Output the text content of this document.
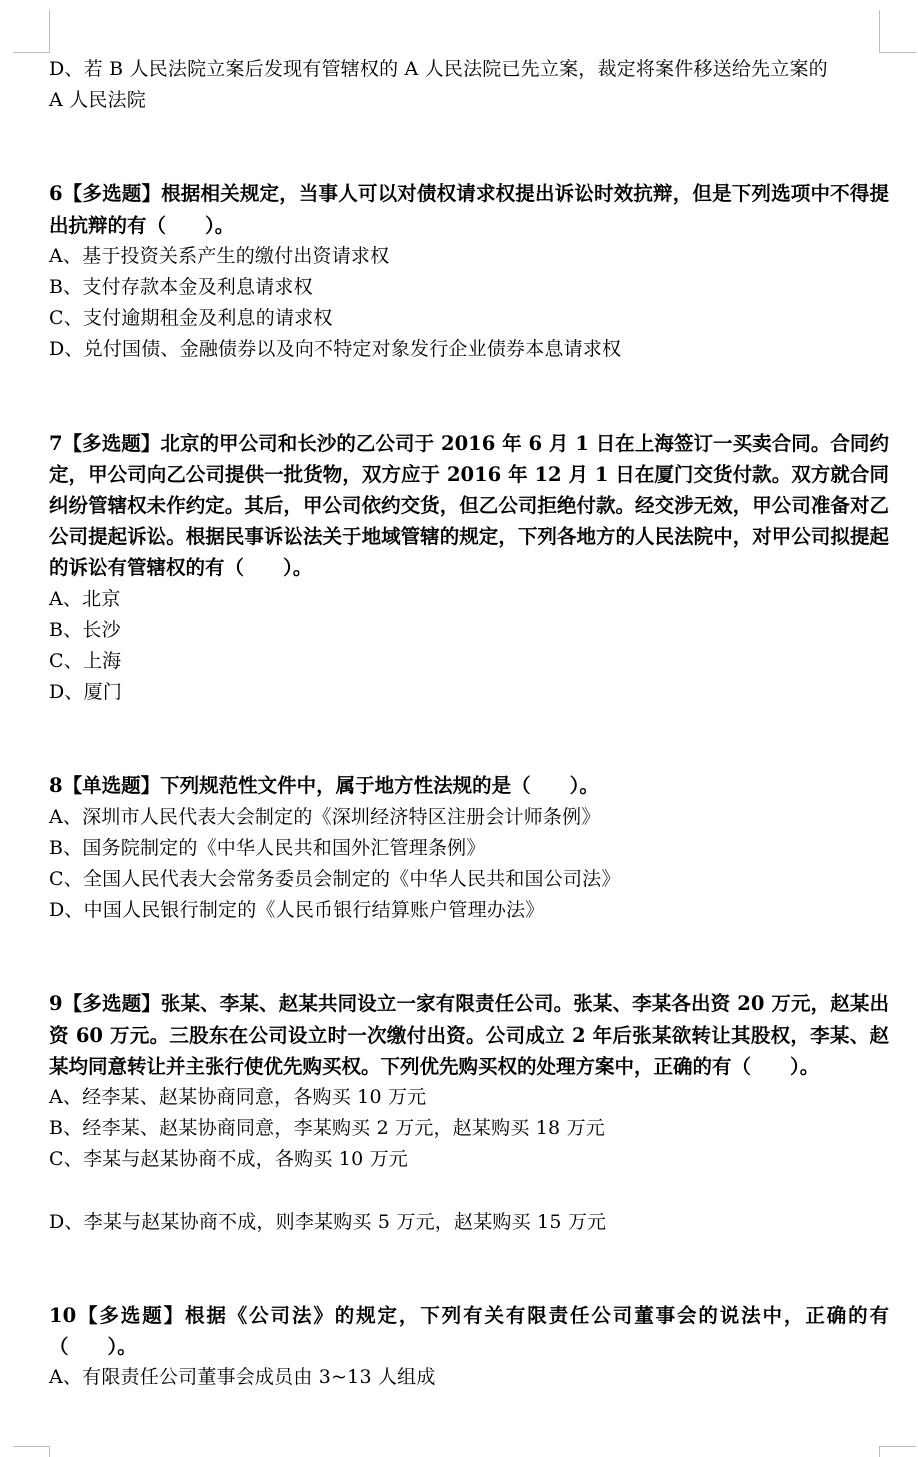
D、若 B 人民法院立案后发现有管辖权的 A 人民法院已先立案，裁定将案件移送给先立案的
A 人民法院
6【多选题】根据相关规定，当事人可以对债权请求权提出诉讼时效抗辩，但是下列选项中不得提出抗辩的有（　　）。
A、基于投资关系产生的缴付出资请求权
B、支付存款本金及利息请求权
C、支付逾期租金及利息的请求权
D、兑付国债、金融债券以及向不特定对象发行企业债券本息请求权
7【多选题】北京的甲公司和长沙的乙公司于 2016 年 6 月 1 日在上海签订一买卖合同。合同约定，甲公司向乙公司提供一批货物，双方应于 2016 年 12 月 1 日在厦门交货付款。双方就合同纠纷管辖权未作约定。其后，甲公司依约交货，但乙公司拒绝付款。经交涉无效，甲公司准备对乙公司提起诉讼。根据民事诉讼法关于地域管辖的规定，下列各地方的人民法院中，对甲公司拟提起的诉讼有管辖权的有（　　）。
A、北京
B、长沙
C、上海
D、厦门
8【单选题】下列规范性文件中，属于地方性法规的是（　　）。
A、深圳市人民代表大会制定的《深圳经济特区注册会计师条例》
B、国务院制定的《中华人民共和国外汇管理条例》
C、全国人民代表大会常务委员会制定的《中华人民共和国公司法》
D、中国人民银行制定的《人民币银行结算账户管理办法》
9【多选题】张某、李某、赵某共同设立一家有限责任公司。张某、李某各出资 20 万元，赵某出资 60 万元。三股东在公司设立时一次缴付出资。公司成立 2 年后张某欲转让其股权，李某、赵某均同意转让并主张行使优先购买权。下列优先购买权的处理方案中，正确的有（　　）。
A、经李某、赵某协商同意，各购买 10 万元
B、经李某、赵某协商同意，李某购买 2 万元，赵某购买 18 万元
C、李某与赵某协商不成，各购买 10 万元
D、李某与赵某协商不成，则李某购买 5 万元，赵某购买 15 万元
10【多选题】根据《公司法》的规定，下列有关有限责任公司董事会的说法中，正确的有（　　）。
A、有限责任公司董事会成员由 3~13 人组成
